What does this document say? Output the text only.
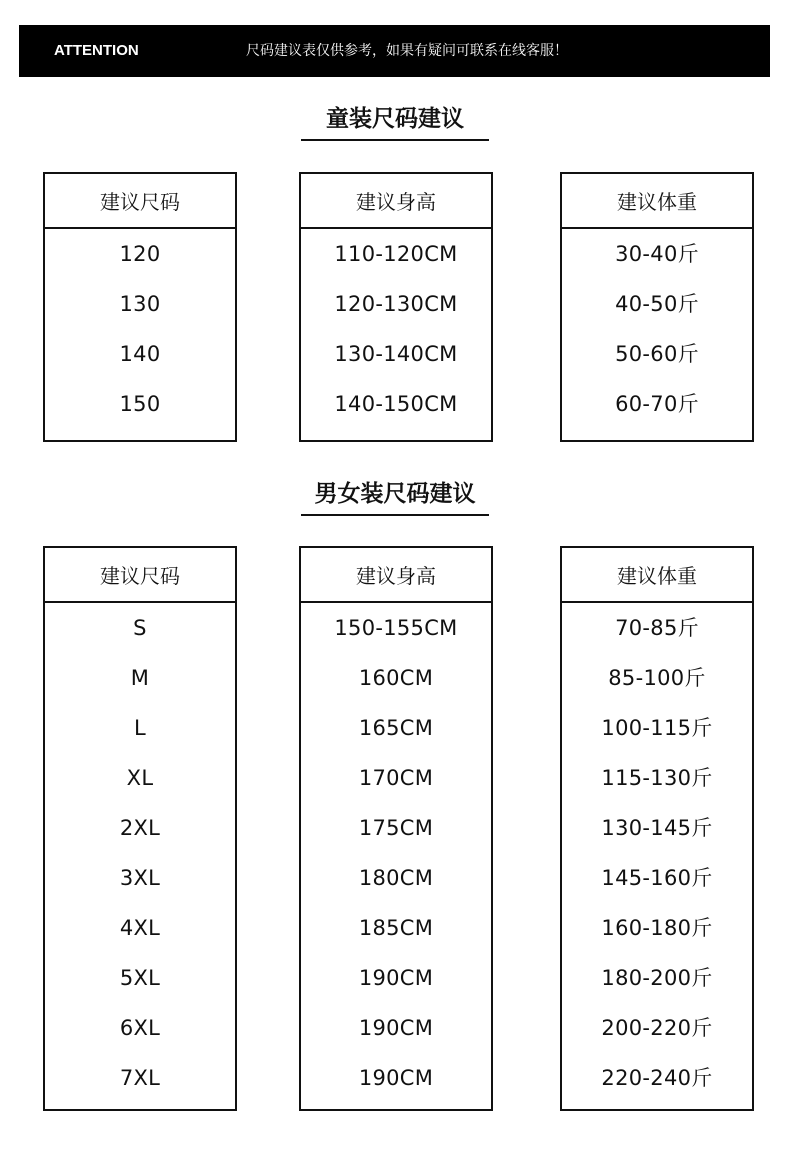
ATTENTION	尺码建议表仅供参考，如果有疑问可联系在线客服！
童装尺码建议
建议尺码
120
130
140
150
建议身高
110-120CM
120-130CM
130-140CM
140-150CM
建议体重
30-40斤
40-50斤
50-60斤
60-70斤
男女装尺码建议
建议尺码
S
M
L
XL
2XL
3XL
4XL
5XL
6XL
7XL
建议身高
150-155CM
160CM
165CM
170CM
175CM
180CM
185CM
190CM
190CM
190CM
建议体重
70-85斤
85-100斤
100-115斤
115-130斤
130-145斤
145-160斤
160-180斤
180-200斤
200-220斤
220-240斤
